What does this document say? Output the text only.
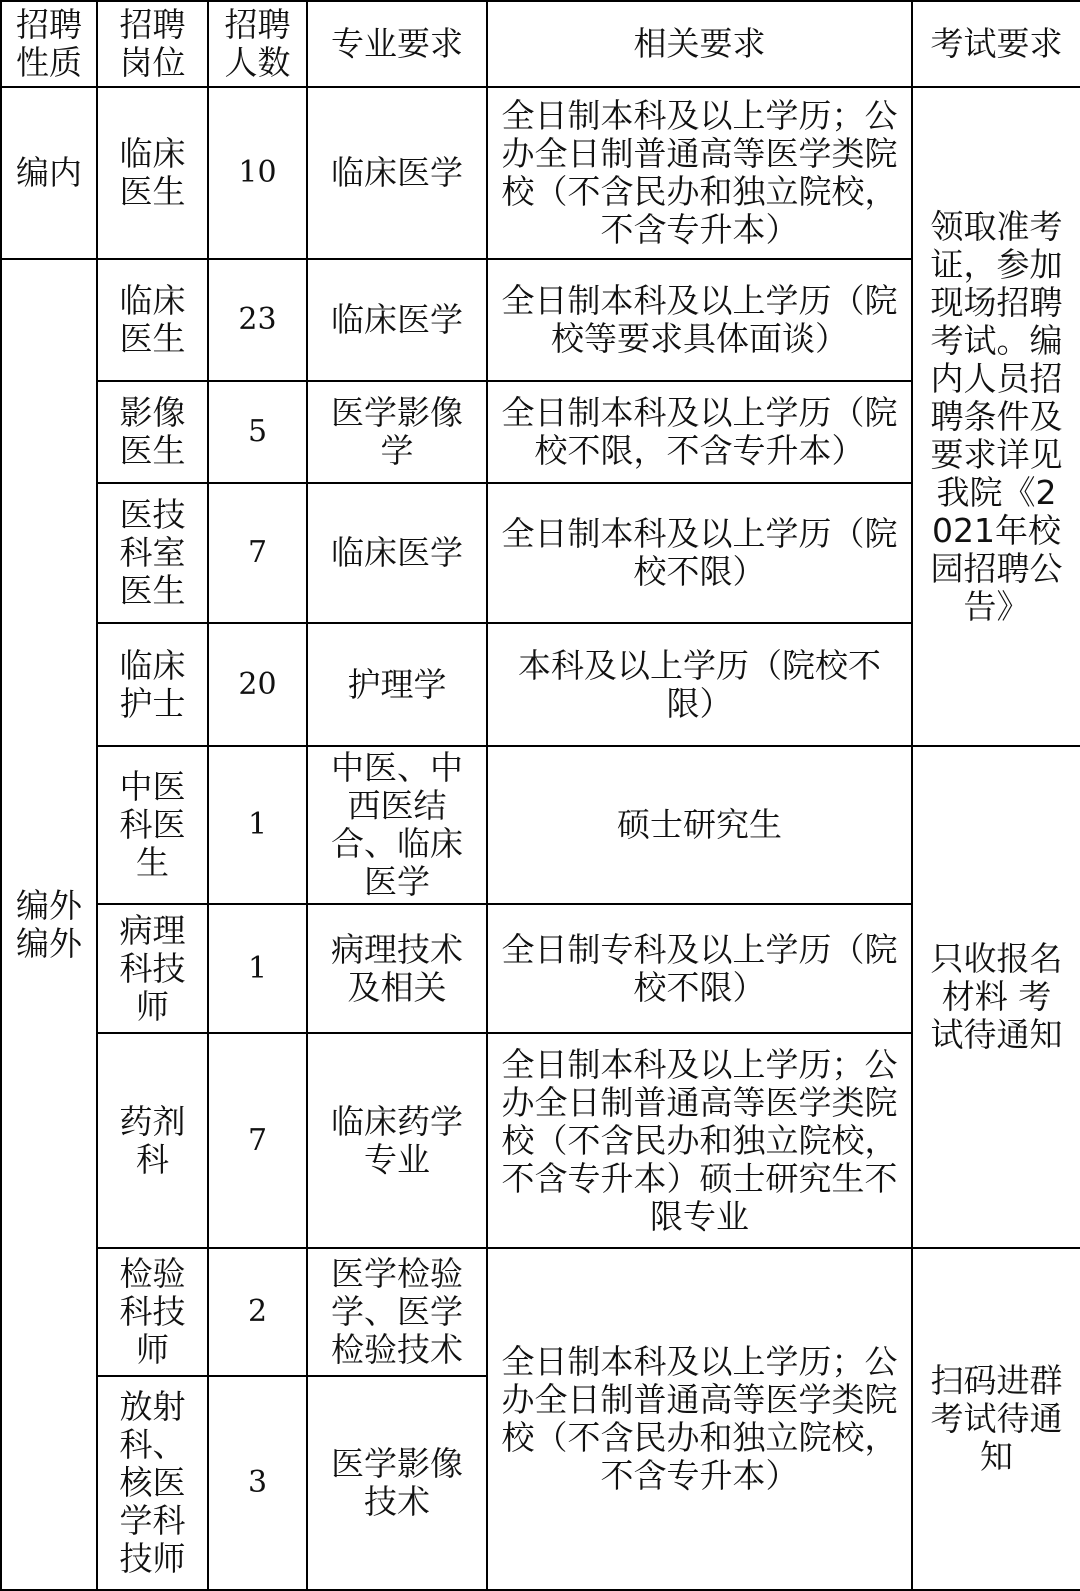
招聘性质	招聘岗位	招聘人数	专业要求	相关要求	考试要求
编内	临床医生	10	临床医学	全日制本科及以上学历；公办全日制普通高等医学类院校（不含民办和独立院校，不含专升本）	领取准考证，参加现场招聘考试。编内人员招聘条件及要求详见我院《2021年校园招聘公告》
编外编外	临床医生	23	临床医学	全日制本科及以上学历（院校等要求具体面谈）	
	影像医生	5	医学影像学	全日制本科及以上学历（院校不限，不含专升本）	
	医技科室医生	7	临床医学	全日制本科及以上学历（院校不限）	
	临床护士	20	护理学	本科及以上学历（院校不限）	
	中医科医生	1	中医、中西医结合、临床医学	硕士研究生	只收报名材料 考试待通知
	病理科技师	1	病理技术及相关	全日制专科及以上学历（院校不限）	
	药剂科	7	临床药学专业	全日制本科及以上学历；公办全日制普通高等医学类院校（不含民办和独立院校，不含专升本）硕士研究生不限专业	
	检验科技师	2	医学检验学、医学检验技术	全日制本科及以上学历；公办全日制普通高等医学类院校（不含民办和独立院校，不含专升本）	扫码进群考试待通知
	放射科、核医学科技师	3	医学影像技术		
